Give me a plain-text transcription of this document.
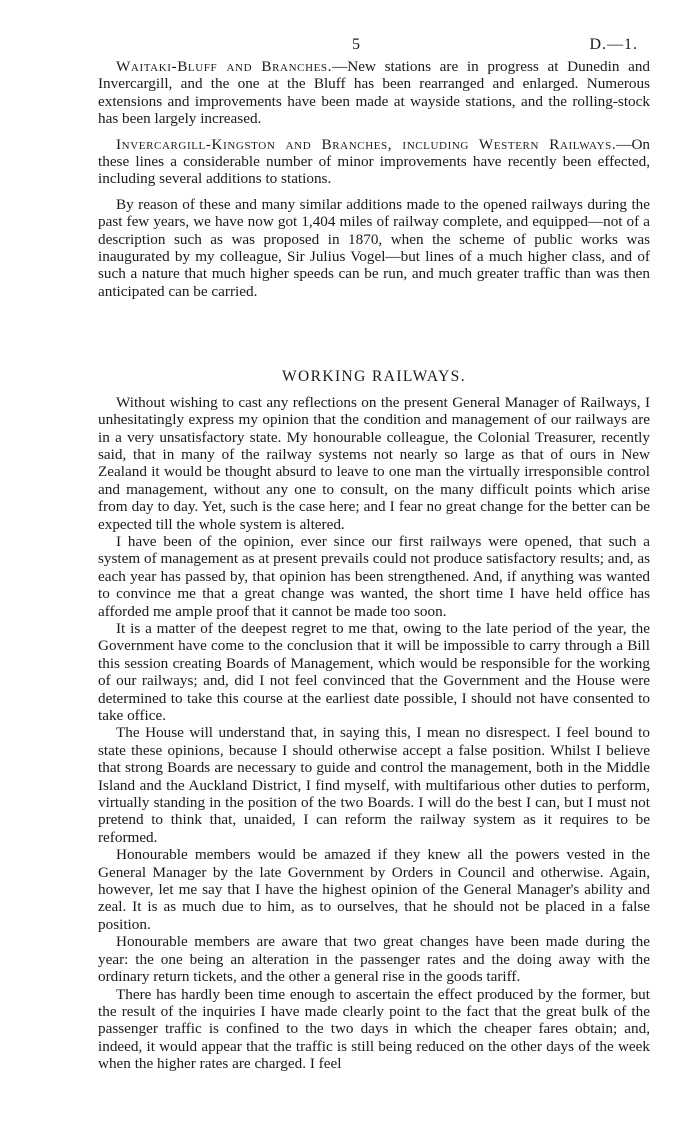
5	D.—1.

Waitaki-Bluff and Branches.—New stations are in progress at Dunedin and Invercargill, and the one at the Bluff has been rearranged and enlarged. Numerous extensions and improvements have been made at wayside stations, and the rolling-stock has been largely increased.

Invercargill-Kingston and Branches, including Western Railways.—On these lines a considerable number of minor improvements have recently been effected, including several additions to stations.

By reason of these and many similar additions made to the opened railways during the past few years, we have now got 1,404 miles of railway complete, and equipped—not of a description such as was proposed in 1870, when the scheme of public works was inaugurated by my colleague, Sir Julius Vogel—but lines of a much higher class, and of such a nature that much higher speeds can be run, and much greater traffic than was then anticipated can be carried.

WORKING RAILWAYS.

Without wishing to cast any reflections on the present General Manager of Railways, I unhesitatingly express my opinion that the condition and management of our railways are in a very unsatisfactory state. My honourable colleague, the Colonial Treasurer, recently said, that in many of the railway systems not nearly so large as that of ours in New Zealand it would be thought absurd to leave to one man the virtually irresponsible control and management, without any one to consult, on the many difficult points which arise from day to day. Yet, such is the case here; and I fear no great change for the better can be expected till the whole system is altered.

I have been of the opinion, ever since our first railways were opened, that such a system of management as at present prevails could not produce satisfactory results; and, as each year has passed by, that opinion has been strengthened. And, if anything was wanted to convince me that a great change was wanted, the short time I have held office has afforded me ample proof that it cannot be made too soon.

It is a matter of the deepest regret to me that, owing to the late period of the year, the Government have come to the conclusion that it will be impossible to carry through a Bill this session creating Boards of Management, which would be responsible for the working of our railways; and, did I not feel convinced that the Government and the House were determined to take this course at the earliest date possible, I should not have consented to take office.

The House will understand that, in saying this, I mean no disrespect. I feel bound to state these opinions, because I should otherwise accept a false position. Whilst I believe that strong Boards are necessary to guide and control the management, both in the Middle Island and the Auckland District, I find myself, with multifarious other duties to perform, virtually standing in the position of the two Boards. I will do the best I can, but I must not pretend to think that, unaided, I can reform the railway system as it requires to be reformed.

Honourable members would be amazed if they knew all the powers vested in the General Manager by the late Government by Orders in Council and otherwise. Again, however, let me say that I have the highest opinion of the General Manager's ability and zeal. It is as much due to him, as to ourselves, that he should not be placed in a false position.

Honourable members are aware that two great changes have been made during the year: the one being an alteration in the passenger rates and the doing away with the ordinary return tickets, and the other a general rise in the goods tariff.

There has hardly been time enough to ascertain the effect produced by the former, but the result of the inquiries I have made clearly point to the fact that the great bulk of the passenger traffic is confined to the two days in which the cheaper fares obtain; and, indeed, it would appear that the traffic is still being reduced on the other days of the week when the higher rates are charged. I feel
